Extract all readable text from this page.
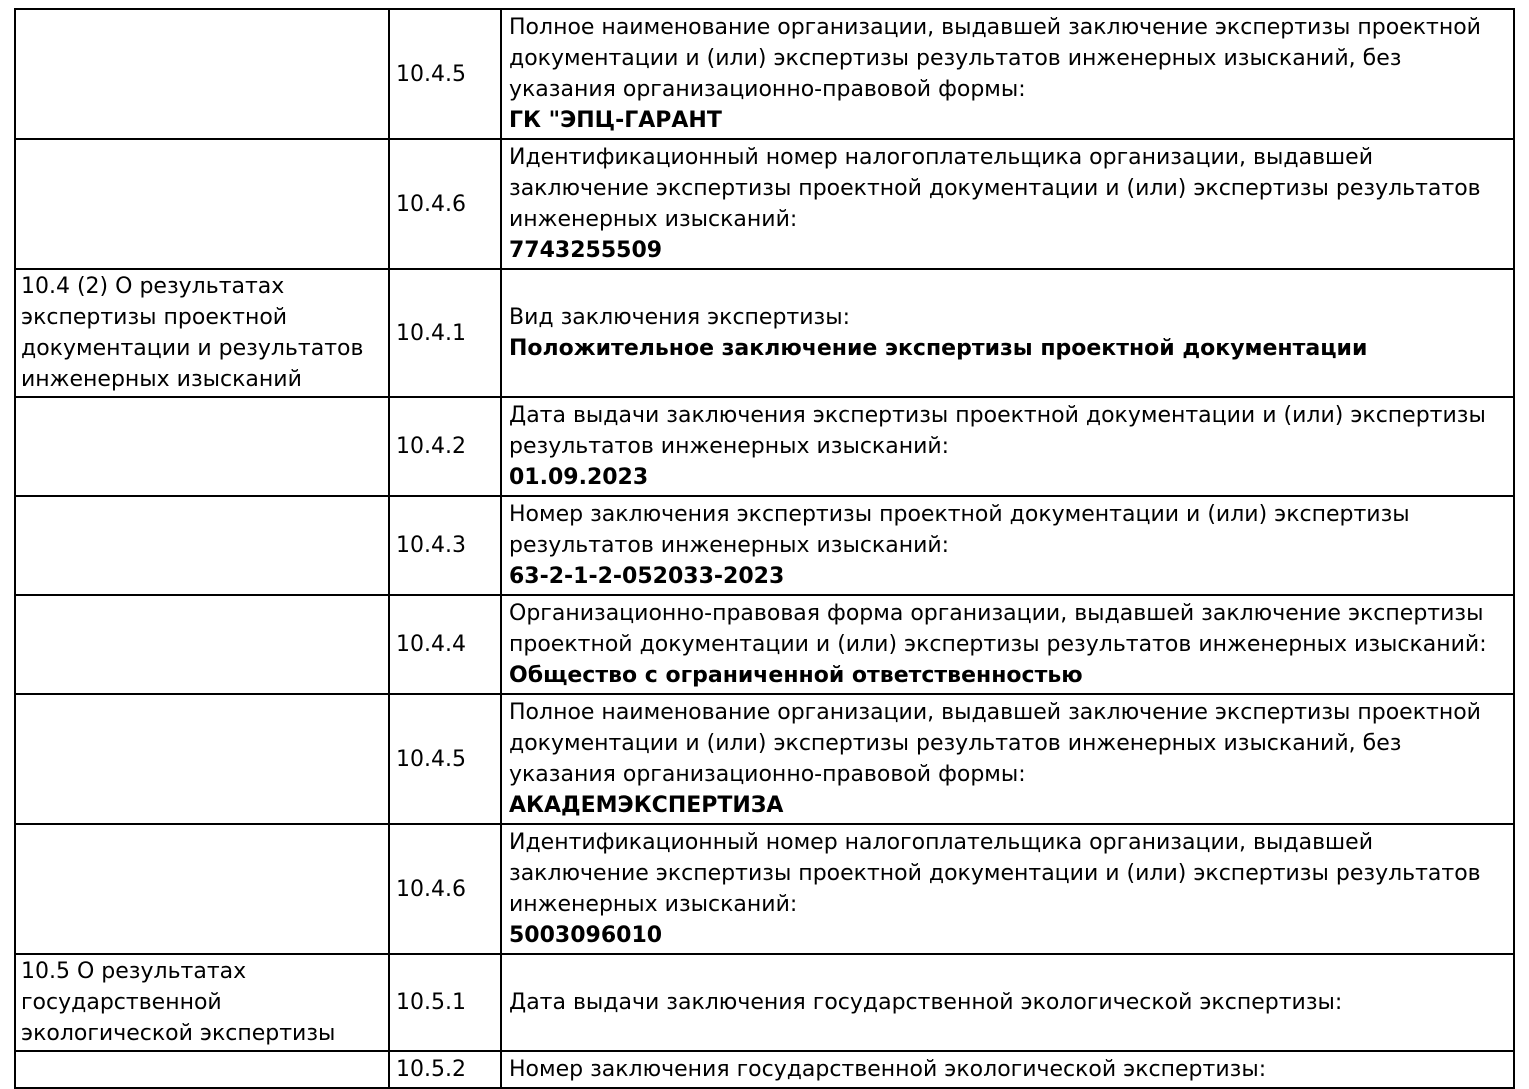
	10.4.5	Полное наименование организации, выдавшей заключение экспертизы проектной документации и (или) экспертизы результатов инженерных изысканий, без указания организационно-правовой формы:
ГК "ЭПЦ-ГАРАНТ

	10.4.6	Идентификационный номер налогоплательщика организации, выдавшей заключение экспертизы проектной документации и (или) экспертизы результатов инженерных изысканий:
7743255509

10.4 (2) О результатах экспертизы проектной документации и результатов инженерных изысканий	10.4.1	Вид заключения экспертизы:
Положительное заключение экспертизы проектной документации

	10.4.2	Дата выдачи заключения экспертизы проектной документации и (или) экспертизы результатов инженерных изысканий:
01.09.2023

	10.4.3	Номер заключения экспертизы проектной документации и (или) экспертизы результатов инженерных изысканий:
63-2-1-2-052033-2023

	10.4.4	Организационно-правовая форма организации, выдавшей заключение экспертизы проектной документации и (или) экспертизы результатов инженерных изысканий:
Общество с ограниченной ответственностью

	10.4.5	Полное наименование организации, выдавшей заключение экспертизы проектной документации и (или) экспертизы результатов инженерных изысканий, без указания организационно-правовой формы:
АКАДЕМЭКСПЕРТИЗА

	10.4.6	Идентификационный номер налогоплательщика организации, выдавшей заключение экспертизы проектной документации и (или) экспертизы результатов инженерных изысканий:
5003096010

10.5 О результатах государственной экологической экспертизы	10.5.1	Дата выдачи заключения государственной экологической экспертизы:

	10.5.2	Номер заключения государственной экологической экспертизы:
